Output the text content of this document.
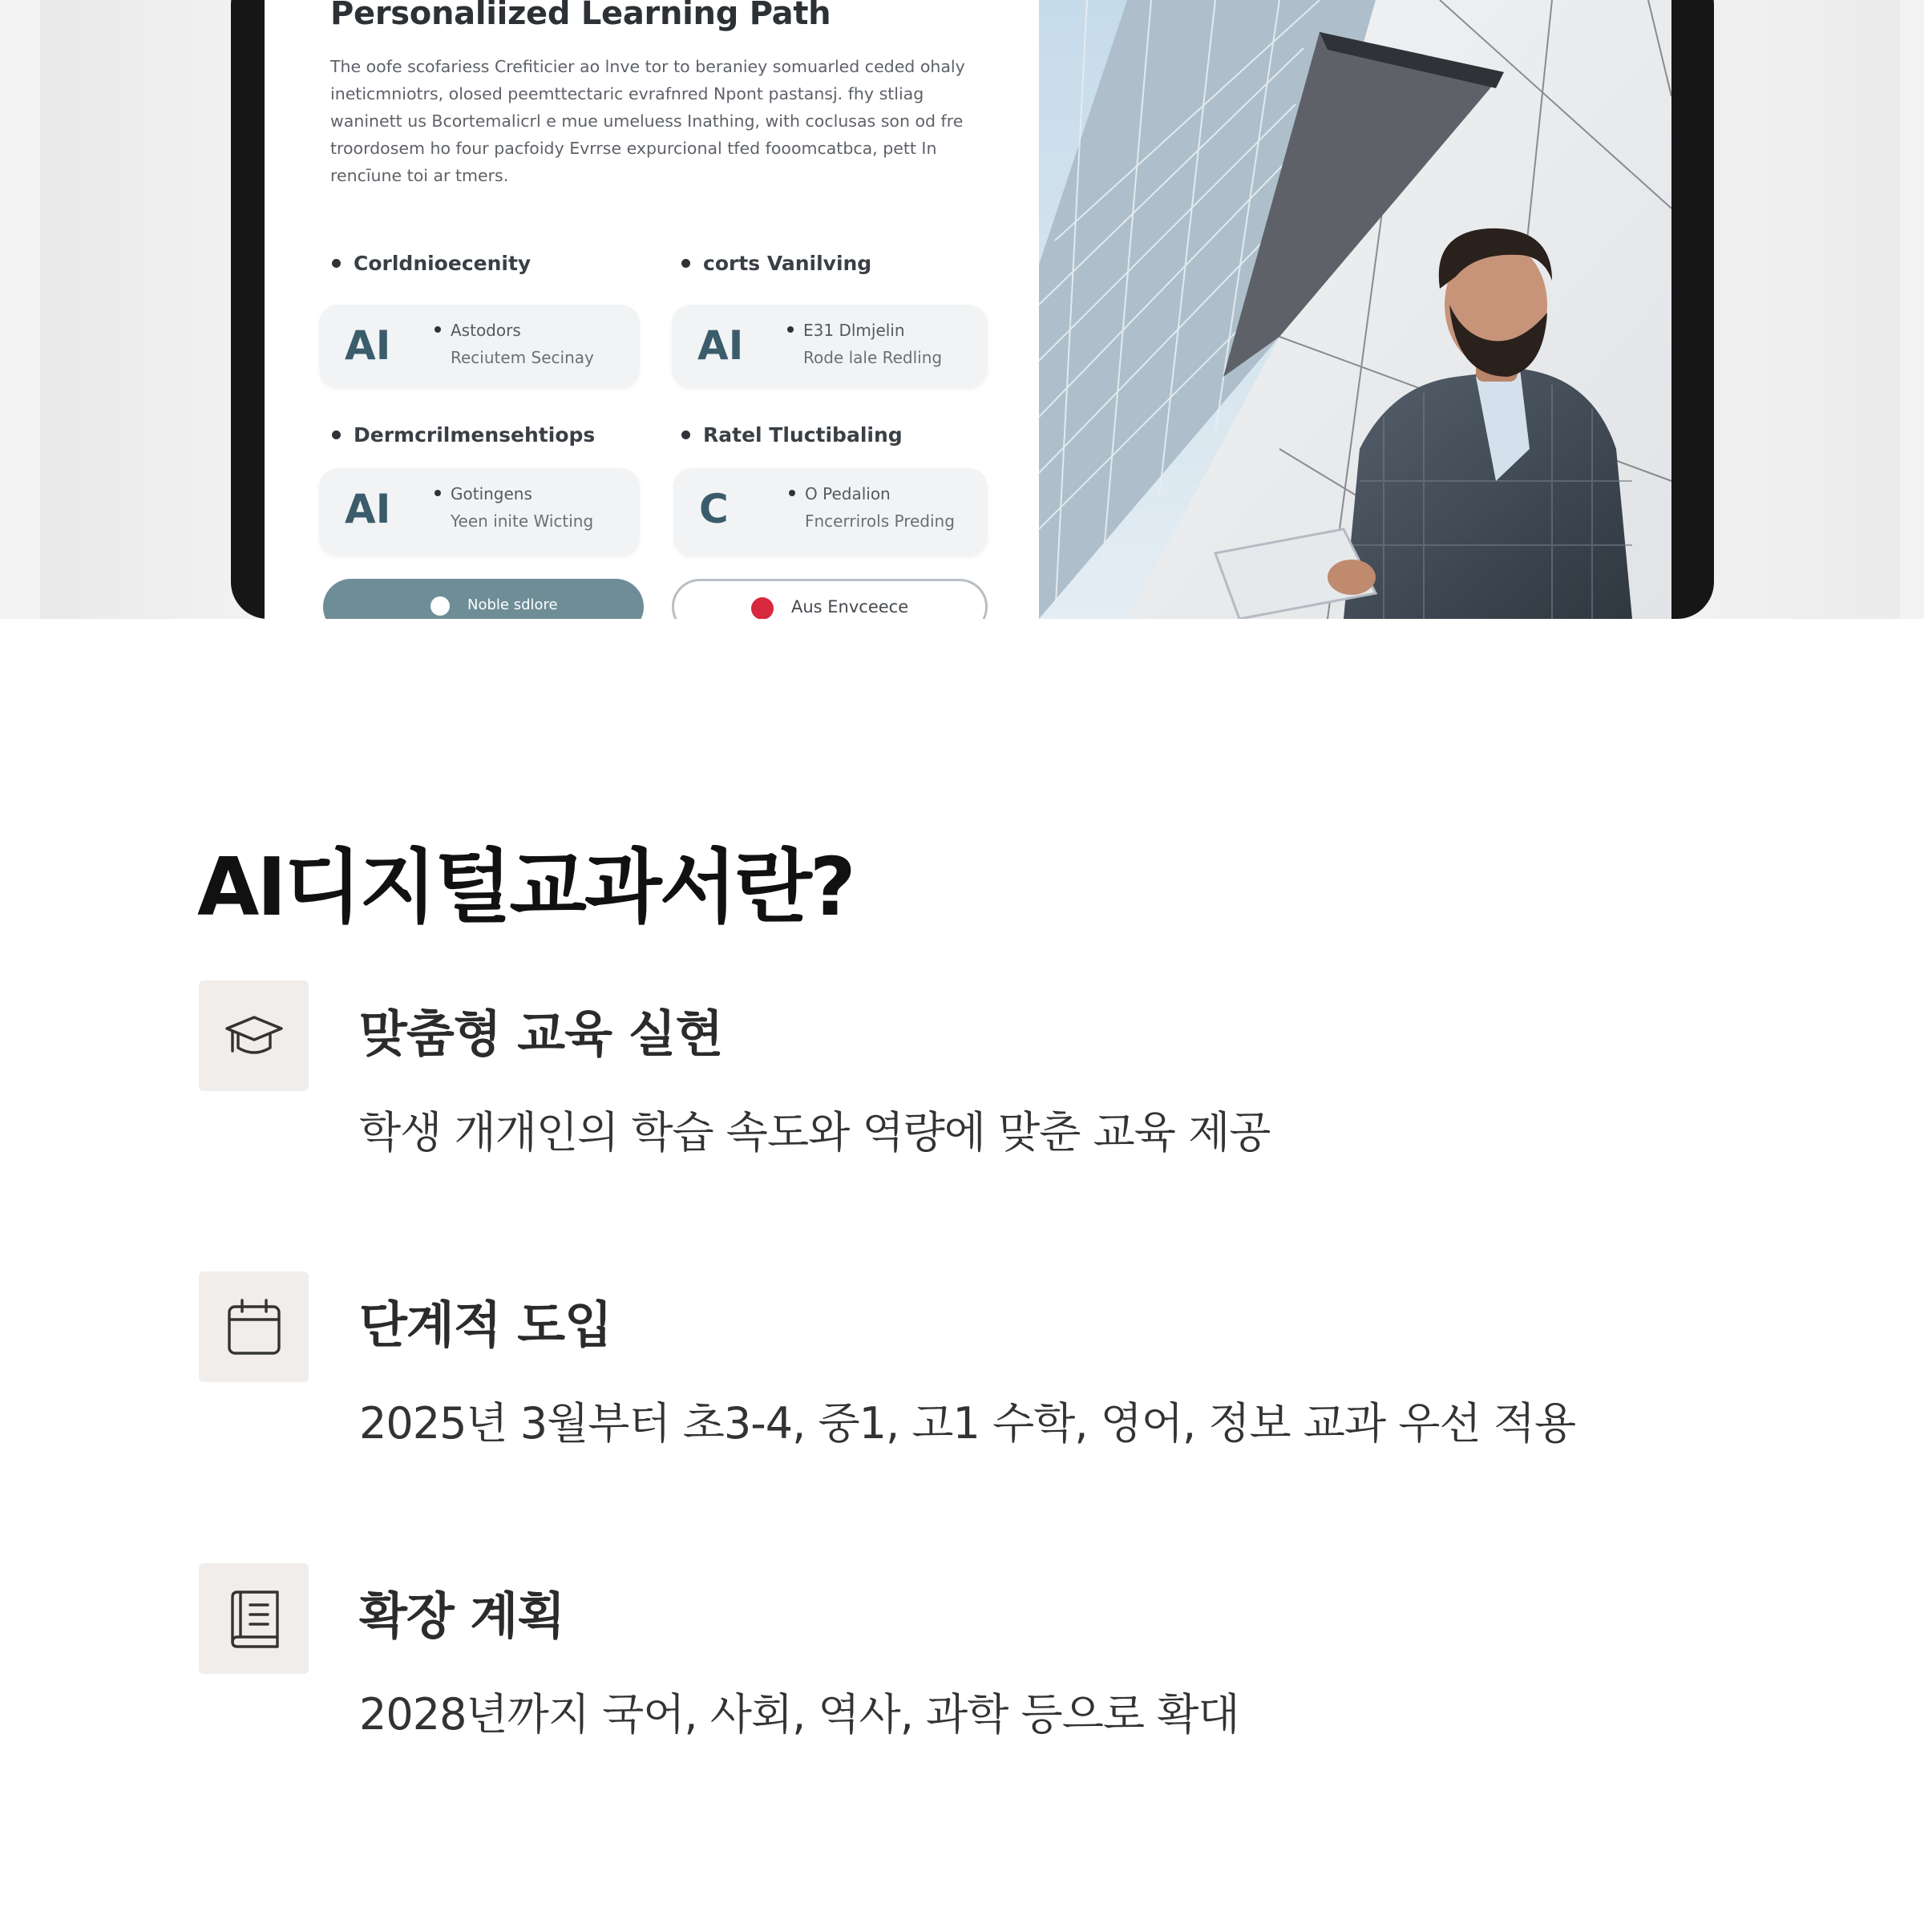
Personaliized Learning Path
The oofe scofariess Crefiticier ao lnve tor to beraniey somuarled ceded ohaly ineticmniotrs, olosed peemttectaric evrafnred Npont pastansj. fhy stliag waninett us Bcortemalicrl e mue umeluess Inathing, with coclusas son od fre troordosem ho four pacfoidy Evrrse expurcional tfed fooomcatbca, pett In rencīune toi ar tmers.
Corldnioecenity	corts Vanilving
Dermcrilmensehtiops	Ratel Tluctibaling
AI	Astodors
Reciutem Secinay	AI	E31 Dlmjelin
Rode lale Redling
AI	Gotingens
Yeen inite Wicting	C	O Pedalion
Fncerrirols Preding
Noble sdlore	Aus Envceece
AI디지털교과서란?
맞춤형 교육 실현
학생 개개인의 학습 속도와 역량에 맞춘 교육 제공
단계적 도입
2025년 3월부터 초3-4, 중1, 고1 수학, 영어, 정보 교과 우선 적용
확장 계획
2028년까지 국어, 사회, 역사, 과학 등으로 확대
